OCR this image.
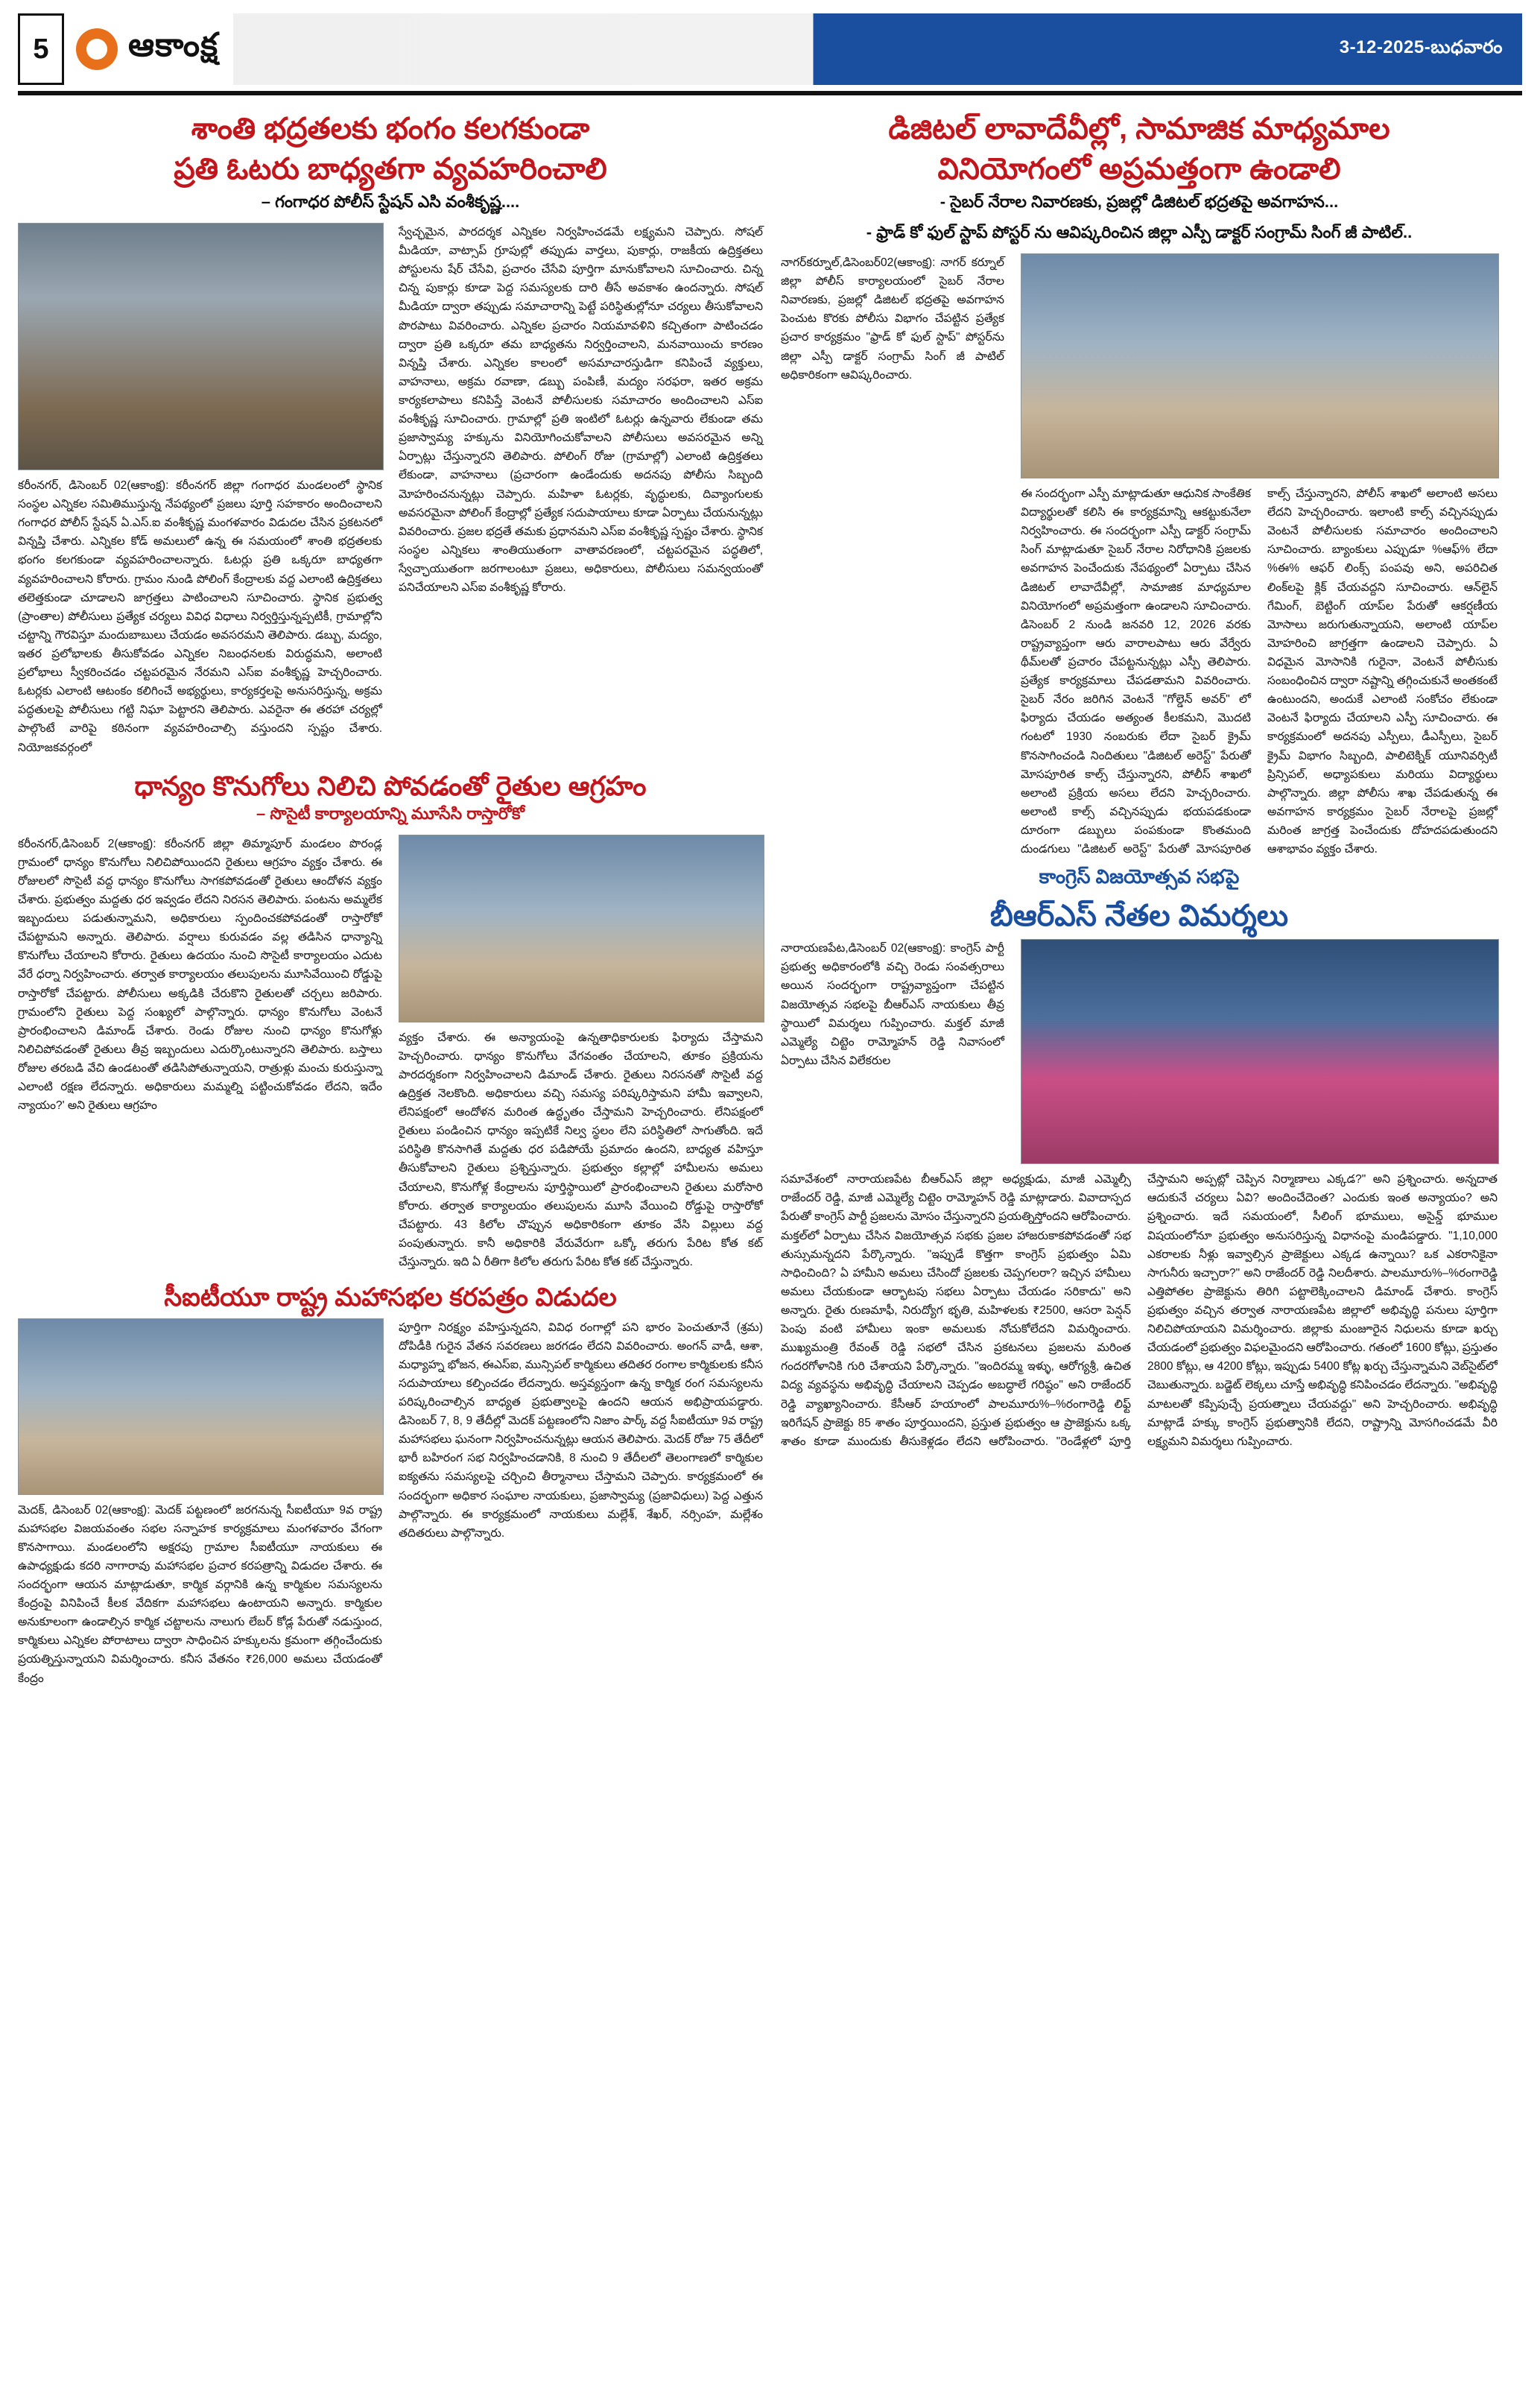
5	ఆకాంక్ష	3-12-2025-బుధవారం
శాంతి భద్రతలకు భంగం కలగకుండా
ప్రతి ఓటరు బాధ్యతగా వ్యవహరించాలి
– గంగాధర పోలీస్ స్టేషన్ ఎసి వంశీకృష్ణ....

కరీంనగర్, డిసెంబర్ 02(ఆకాంక్ష): కరీంనగర్ జిల్లా గంగాధర మండలంలో స్థానిక సంస్థల ఎన్నికల సమితిముస్తున్న నేపథ్యంలో ప్రజలు పూర్తి సహకారం అందించాలని గంగాధర పోలీస్ స్టేషన్ ఏ.ఎస్.ఐ వంశీకృష్ణ మంగళవారం విడుదల చేసిన ప్రకటనలో విన్నప్తి చేశారు. ఎన్నికల కోడ్ అమలులో ఉన్న ఈ సమయంలో శాంతి భద్రతలకు భంగం కలగకుండా వ్యవహరించాలన్నారు. ఓటర్లు ప్రతి ఒక్కరూ బాధ్యతగా వ్యవహరించాలని కోరారు. గ్రామం నుండి పోలింగ్ కేంద్రాలకు వద్ద ఎలాంటి ఉద్రిక్తతలు తలెత్తకుండా చూడాలని జాగ్రత్తలు పాటించాలని సూచించారు. స్థానిక ప్రభుత్వ (ప్రాంతాల) పోలీసులు ప్రత్యేక చర్యలు వివిధ విధాలు నిర్వర్తిస్తున్నప్పటికీ, గ్రామాల్లోని చట్టాన్ని గౌరవిస్తూ మందుబాబులు చేయడం అవసరమని తెలిపారు. డబ్బు, మద్యం, ఇతర ప్రలోభాలకు తీసుకోవడం ఎన్నికల నిబంధనలకు విరుద్ధమని, అలాంటి ప్రలోభాలు స్వీకరించడం చట్టపరమైన నేరమని ఎస్ఐ వంశీకృష్ణ హెచ్చరించారు. ఓటర్లకు ఎలాంటి ఆటంకం కలిగించే అభ్యర్థులు, కార్యకర్తలపై అనుసరిస్తున్న, అక్రమ పద్ధతులపై పోలీసులు గట్టి నిఘా పెట్టారని తెలిపారు. ఎవరైనా ఈ తరహా చర్యల్లో పాల్గొంటే వారిపై కఠినంగా వ్యవహరించాల్సి వస్తుందని స్పష్టం చేశారు. నియోజకవర్గంలో

స్వేచ్ఛమైన, పారదర్శక ఎన్నికల నిర్వహించడమే లక్ష్యమని చెప్పారు. సోషల్ మీడియా, వాట్సాప్ గ్రూపుల్లో తప్పుడు వార్తలు, పుకార్లు, రాజకీయ ఉద్రిక్తతలు పోస్టులను షేర్ చేసేవి, ప్రచారం చేసేవి పూర్తిగా మానుకోవాలని సూచించారు. చిన్న చిన్న పుకార్లు కూడా పెద్ద సమస్యలకు దారి తీసే అవకాశం ఉందన్నారు. సోషల్ మీడియా ద్వారా తప్పుడు సమాచారాన్ని పెట్టే పరిస్థితుల్లోనూ చర్యలు తీసుకోవాలని పొరపాటు వివరించారు. ఎన్నికల ప్రచారం నియమావళిని కచ్చితంగా పాటించడం ద్వారా ప్రతి ఒక్కరూ తమ బాధ్యతను నిర్వర్తించాలని, మనవాయించు కారణం విన్నప్తి చేశారు. ఎన్నికల కాలంలో అసమాచారస్తుడిగా కనిపించే వ్యక్తులు, వాహనాలు, అక్రమ రవాణా, డబ్బు పంపిణీ, మద్యం సరఫరా, ఇతర అక్రమ కార్యకలాపాలు కనిపిస్తే వెంటనే పోలీసులకు సమాచారం అందించాలని ఎస్ఐ వంశీకృష్ణ సూచించారు. గ్రామాల్లో ప్రతి ఇంటిలో ఓటర్లు ఉన్నవారు లేకుండా తమ ప్రజాస్వామ్య హక్కును వినియోగించుకోవాలని పోలీసులు అవసరమైన అన్ని ఏర్పాట్లు చేస్తున్నారని తెలిపారు. పోలింగ్ రోజు (గ్రామాల్లో) ఎలాంటి ఉద్రిక్తతలు లేకుండా, వాహనాలు (ప్రచారంగా ఉండేందుకు అదనపు పోలీసు సిబ్బంది మోహరించనున్నట్లు చెప్పారు. మహిళా ఓటర్లకు, వృద్ధులకు, దివ్యాంగులకు అవసరమైనా పోలింగ్ కేంద్రాల్లో ప్రత్యేక సదుపాయాలు కూడా ఏర్పాటు చేయనున్నట్లు వివరించారు. ప్రజల భద్రతే తమకు ప్రధానమని ఎస్ఐ వంశీకృష్ణ స్పష్టం చేశారు. స్థానిక సంస్థల ఎన్నికలు శాంతియుతంగా వాతావరణంలో, చట్టపరమైన పద్ధతిలో, స్వేచ్ఛాయుతంగా జరగాలంటూ ప్రజలు, అధికారులు, పోలీసులు సమన్వయంతో పనిచేయాలని ఎస్ఐ వంశీకృష్ణ కోరారు.

ధాన్యం కొనుగోలు నిలిచి పోవడంతో రైతుల ఆగ్రహం
– సొసైటీ కార్యాలయాన్ని మూసేసి రాస్తారోకో

కరీంనగర్,డిసెంబర్ 2(ఆకాంక్ష): కరీంనగర్ జిల్లా తిమ్మాపూర్ మండలం పొరండ్ల గ్రామంలో ధాన్యం కొనుగోలు నిలిచిపోయిందని రైతులు ఆగ్రహం వ్యక్తం చేశారు. ఈ రోజులలో సొసైటీ వద్ద ధాన్యం కొనుగోలు సాగకపోవడంతో రైతులు ఆందోళన వ్యక్తం చేశారు. ప్రభుత్వం మద్దతు ధర ఇవ్వడం లేదని నిరసన తెలిపారు. పంటను అమ్మలేక ఇబ్బందులు పడుతున్నామని, అధికారులు స్పందించకపోవడంతో రాస్తారోకో చేపట్టామని అన్నారు. తెలిపారు. వర్షాలు కురువడం వల్ల తడిసిన ధాన్యాన్ని కొనుగోలు చేయాలని కోరారు. రైతులు ఉదయం నుంచి సొసైటీ కార్యాలయం ఎదుట వేరే ధర్నా నిర్వహించారు. తర్వాత కార్యాలయం తలుపులను మూసివేయించి రోడ్డుపై రాస్తారోకో చేపట్టారు. పోలీసులు అక్కడికి చేరుకొని రైతులతో చర్చలు జరిపారు. గ్రామంలోని రైతులు పెద్ద సంఖ్యలో పాల్గొన్నారు. ధాన్యం కొనుగోలు వెంటనే ప్రారంభించాలని డిమాండ్ చేశారు. రెండు రోజుల నుంచి ధాన్యం కొనుగోళ్లు నిలిచిపోవడంతో రైతులు తీవ్ర ఇబ్బందులు ఎదుర్కొంటున్నారని తెలిపారు. బస్తాలు రోజుల తరబడి వేచి ఉండటంతో తడిసిపోతున్నాయని, రాత్రుళ్లు మంచు కురుస్తున్నా ఎలాంటి రక్షణ లేదన్నారు. అధికారులు మమ్మల్ని పట్టించుకోవడం లేదని, ఇదేం న్యాయం?' అని రైతులు ఆగ్రహం

వ్యక్తం చేశారు. ఈ అన్యాయంపై ఉన్నతాధికారులకు ఫిర్యాదు చేస్తామని హెచ్చరించారు. ధాన్యం కొనుగోలు వేగవంతం చేయాలని, తూకం ప్రక్రియను పారదర్శకంగా నిర్వహించాలని డిమాండ్ చేశారు. రైతులు నిరసనతో సొసైటీ వద్ద ఉద్రిక్తత నెలకొంది. అధికారులు వచ్చి సమస్య పరిష్కరిస్తామని హామీ ఇవ్వాలని, లేనిపక్షంలో ఆందోళన మరింత ఉద్ధృతం చేస్తామని హెచ్చరించారు. లేనిపక్షంలో రైతులు పండించిన ధాన్యం ఇప్పటికే నిల్వ స్థలం లేని పరిస్థితిలో సాగుతోంది. ఇదే పరిస్థితి కొనసాగితే మద్దతు ధర పడిపోయే ప్రమాదం ఉందని, బాధ్యత వహిస్తూ తీసుకోవాలని రైతులు ప్రశ్నిస్తున్నారు. ప్రభుత్వం కల్లాల్లో హామీలను అమలు చేయాలని, కొనుగోళ్ల కేంద్రాలను పూర్తిస్థాయిలో ప్రారంభించాలని రైతులు మరోసారి కోరారు. తర్వాత కార్యాలయం తలుపులను మూసి వేయించి రోడ్డుపై రాస్తారోకో చేపట్టారు. 43 కిలోల చొప్పున అధికారికంగా తూకం వేసి విల్లులు వద్ద పంపుతున్నారు. కానీ అధికారికి వేరువేరుగా ఒక్కో తరుగు పేరిట కోత కట్ చేస్తున్నారు. ఇది ఏ రీతిగా కిలోల తరుగు పేరిట కోత కట్ చేస్తున్నారు.

సీఐటీయూ రాష్ట్ర మహాసభల కరపత్రం విడుదల

మెదక్, డిసెంబర్ 02(ఆకాంక్ష): మెదక్ పట్టణంలో జరగనున్న సీఐటీయూ 9వ రాష్ట్ర మహాసభల విజయవంతం సభల సన్నాహక కార్యక్రమాలు మంగళవారం వేగంగా కొనసాగాయి. మండలంలోని అక్షరపు గ్రామాల సీఐటీయూ నాయకులు ఈ ఉపాధ్యక్షుడు కదరి నాగారావు మహాసభల ప్రచార కరపత్రాన్ని విడుదల చేశారు. ఈ సందర్భంగా ఆయన మాట్లాడుతూ, కార్మిక వర్గానికి ఉన్న కార్మికుల సమస్యలను కేంద్రంపై వినిపించే కీలక వేదికగా మహాసభలు ఉంటాయని అన్నారు. కార్మికుల అనుకూలంగా ఉండాల్సిన కార్మిక చట్టాలను నాలుగు లేబర్ కోడ్ల పేరుతో నడుస్తుంద, కార్మికులు ఎన్నికల పోరాటాలు ద్వారా సాధించిన హక్కులను క్రమంగా తగ్గించేందుకు ప్రయత్నిస్తున్నాయని విమర్శించారు. కనీస వేతనం ₹26,000 అమలు చేయడంతో కేంద్రం

పూర్తిగా నిరక్ష్యం వహిస్తున్నదని, వివిధ రంగాల్లో పని భారం పెంచుతూనే (శ్రమ) దోపిడీకి గురైన వేతన సవరణలు జరగడం లేదని వివరించారు. అంగన్ వాడీ, ఆశా, మధ్యాహ్న భోజన, ఈఎస్ఐ, మున్సిపల్ కార్మికులు తదితర రంగాల కార్మికులకు కనీస సదుపాయాలు కల్పించడం లేదన్నారు. అస్తవ్యస్తంగా ఉన్న కార్మిక రంగ సమస్యలను పరిష్కరించాల్సిన బాధ్యత ప్రభుత్వాలపై ఉందని ఆయన అభిప్రాయపడ్డారు. డిసెంబర్ 7, 8, 9 తేదీల్లో మెదక్ పట్టణంలోని నిజాం పార్క్ వద్ద సీఐటీయూ 9వ రాష్ట్ర మహాసభలు ఘనంగా నిర్వహించనున్నట్లు ఆయన తెలిపారు. మెదక్ రోజు 75 తేదీలో భారీ బహిరంగ సభ నిర్వహించడానికి, 8 నుంచి 9 తేదీలలో తెలంగాణలో కార్మికుల ఐక్యతను సమస్యలపై చర్చించి తీర్మానాలు చేస్తామని చెప్పారు. కార్యక్రమంలో ఈ సందర్భంగా అధికార సంఘాల నాయకులు, ప్రజాస్వామ్య (ప్రజావిధులు) పెద్ద ఎత్తున పాల్గొన్నారు. ఈ కార్యక్రమంలో నాయకులు మల్లేశ్, శేఖర్, నర్సింహ, మల్లేశం తదితరులు పాల్గొన్నారు.

డిజిటల్ లావాదేవీల్లో, సామాజిక మాధ్యమాల
వినియోగంలో అప్రమత్తంగా ఉండాలి
- సైబర్ నేరాల నివారణకు, ప్రజల్లో డిజిటల్ భద్రతపై అవగాహన...
- ఫ్రాడ్ కో ఫుల్ స్టాప్ పోస్టర్ ను ఆవిష్కరించిన జిల్లా ఎస్పీ డాక్టర్ సంగ్రామ్ సింగ్ జీ పాటిల్..

నాగర్‌కర్నూల్,డిసెంబర్02(ఆకాంక్ష): నాగర్ కర్నూల్ జిల్లా పోలీస్ కార్యాలయంలో సైబర్ నేరాల నివారణకు, ప్రజల్లో డిజిటల్ భద్రతపై అవగాహన పెంచుట కొరకు పోలీసు విభాగం చేపట్టిన ప్రత్యేక ప్రచార కార్యక్రమం "ఫ్రాడ్ కో ఫుల్ స్టాప్" పోస్టర్‌ను జిల్లా ఎస్పీ డాక్టర్ సంగ్రామ్ సింగ్ జీ పాటిల్ అధికారికంగా ఆవిష్కరించారు.

ఈ సందర్భంగా ఎస్పీ మాట్లాడుతూ ఆధునిక సాంకేతిక విద్యార్థులతో కలిసి ఈ కార్యక్రమాన్ని ఆకట్టుకునేలా నిర్వహించారు. ఈ సందర్భంగా ఎస్పీ డాక్టర్ సంగ్రామ్ సింగ్ మాట్లాడుతూ సైబర్ నేరాల నిరోధానికి ప్రజలకు అవగాహన పెంచేందుకు నేపథ్యంలో ఏర్పాటు చేసిన డిజిటల్ లావాదేవీల్లో, సామాజిక మాధ్యమాల వినియోగంలో అప్రమత్తంగా ఉండాలని సూచించారు. డిసెంబర్ 2 నుండి జనవరి 12, 2026 వరకు రాష్ట్రవ్యాప్తంగా ఆరు వారాలపాటు ఆరు వేర్వేరు థీమ్‌లతో ప్రచారం చేపట్టనున్నట్లు ఎస్పీ తెలిపారు. ప్రత్యేక కార్యక్రమాలు చేపడతామని వివరించారు. సైబర్ నేరం జరిగిన వెంటనే "గోల్డెన్ అవర్" లో ఫిర్యాదు చేయడం అత్యంత కీలకమని, మెుదటి గంటలో 1930 నంబరుకు లేదా సైబర్ క్రైమ్ కొనసాగించండి నిందితులు "డిజిటల్ అరెస్ట్" పేరుతో మోసపూరిత కాల్స్ చేస్తున్నారని, పోలీస్ శాఖలో అలాంటి ప్రక్రియ అసలు లేదని హెచ్చరించారు. అలాంటి కాల్స్ వచ్చినప్పుడు భయపడకుండా దూరంగా డబ్బులు పంపకుండా కొంతమంది దుండగులు "డిజిటల్ అరెస్ట్" పేరుతో మోసపూరిత కాల్స్ చేస్తున్నారని, పోలీస్ శాఖలో అలాంటి అసలు లేదని హెచ్చరించారు. ఇలాంటి కాల్స్ వచ్చినప్పుడు వెంటనే పోలీసులకు సమాచారం అందించాలని సూచించారు. బ్యాంకులు ఎప్పుడూ %ఆఫ్% లేదా %ఈ% ఆఫర్ లింక్స్ పంపవు అని, అపరిచిత లింక్‌లపై క్లిక్ చేయవద్దని సూచించారు. ఆన్‌లైన్ గేమింగ్, బెట్టింగ్ యాప్‌ల పేరుతో ఆకర్షణీయ మోసాలు జరుగుతున్నాయని, అలాంటి యాప్‌ల మోహరించి జాగ్రత్తగా ఉండాలని చెప్పారు. ఏ విధమైన మోసానికి గురైనా, వెంటనే పోలీసుకు సంబంధించిన ద్వారా నష్టాన్ని తగ్గించుకునే అంతకంటే ఉంటుందని, అందుకే ఎలాంటి సంకోచం లేకుండా వెంటనే ఫిర్యాదు చేయాలని ఎస్పీ సూచించారు. ఈ కార్యక్రమంలో అదనపు ఎస్పీలు, డీఎస్పీలు, సైబర్ క్రైమ్ విభాగం సిబ్బంది, పాలిటెక్నిక్ యూనివర్సిటీ ప్రిన్సిపల్, అధ్యాపకులు మరియు విద్యార్థులు పాల్గొన్నారు. జిల్లా పోలీసు శాఖ చేపడుతున్న ఈ అవగాహన కార్యక్రమం సైబర్ నేరాలపై ప్రజల్లో మరింత జాగ్రత్త పెంచేందుకు దోహదపడుతుందని ఆశాభావం వ్యక్తం చేశారు.

కాంగ్రెస్ విజయోత్సవ సభపై
బీఆర్ఎస్ నేతల విమర్శలు

నారాయణపేట,డిసెంబర్ 02(ఆకాంక్ష): కాంగ్రెస్ పార్టీ ప్రభుత్వ అధికారంలోకి వచ్చి రెండు సంవత్సరాలు అయిన సందర్భంగా రాష్ట్రవ్యాప్తంగా చేపట్టిన విజయోత్సవ సభలపై బీఆర్ఎస్ నాయకులు తీవ్ర స్థాయిలో విమర్శలు గుప్పించారు. మక్తల్ మాజీ ఎమ్మెల్యే చిట్టెం రామ్మోహన్ రెడ్డి నివాసంలో ఏర్పాటు చేసిన విలేకరుల

సమావేశంలో నారాయణపేట బీఆర్ఎస్ జిల్లా అధ్యక్షుడు, మాజీ ఎమ్మెల్సీ రాజేందర్ రెడ్డి, మాజీ ఎమ్మెల్యే చిట్టెం రామ్మోహన్ రెడ్డి మాట్లాడారు. వివాదాస్పద పేరుతో కాంగ్రెస్ పార్టీ ప్రజలను మోసం చేస్తున్నారని ప్రయత్నిస్తోందని ఆరోపించారు. మక్తల్‌లో ఏర్పాటు చేసిన విజయోత్సవ సభకు ప్రజల హాజరుకాకపోవడంతో సభ తుస్సుమన్నదని పేర్కొన్నారు. "ఇప్పుడే కొత్తగా కాంగ్రెస్ ప్రభుత్వం ఏమి సాధించింది? ఏ హామీని అమలు చేసిందో ప్రజలకు చెప్పగలరా? ఇచ్చిన హామీలు అమలు చేయకుండా ఆర్భాటపు సభలు ఏర్పాటు చేయడం సరికాదు" అని అన్నారు. రైతు రుణమాఫీ, నిరుద్యోగ భృతి, మహిళలకు ₹2500, ఆసరా పెన్షన్ పెంపు వంటి హామీలు ఇంకా అమలుకు నోచుకోలేదని విమర్శించారు. ముఖ్యమంత్రి రేవంత్ రెడ్డి సభలో చేసిన ప్రకటనలు ప్రజలను మరింత గందరగోళానికి గురి చేశాయని పేర్కొన్నారు. "ఇందిరమ్మ ఇళ్ళు, ఆరోగ్యశ్రీ, ఉచిత విద్య వ్యవస్థను అభివృద్ధి చేయాలని చెప్పడం అబద్ధాలే గరిష్ఠం" అని రాజేందర్ రెడ్డి వ్యాఖ్యానించారు. కేసీఆర్ హయాంలో పాలమూరు%–%రంగారెడ్డి లిఫ్ట్ ఇరిగేషన్ ప్రాజెక్టు 85 శాతం పూర్తయిందని, ప్రస్తుత ప్రభుత్వం ఆ ప్రాజెక్టును ఒక్క శాతం కూడా ముందుకు తీసుకెళ్లడం లేదని ఆరోపించారు. "రెండేళ్లలో పూర్తి చేస్తామని అప్పట్లో చెప్పిన నిర్మాణాలు ఎక్కడ?" అని ప్రశ్నించారు. అన్నదాత ఆదుకునే చర్యలు ఏవి? అందించేదెంత? ఎందుకు ఇంత అన్యాయం? అని ప్రశ్నించారు. ఇదే సమయంలో, సీలింగ్ భూములు, అసైన్డ్ భూముల విషయంలోనూ ప్రభుత్వం అనుసరిస్తున్న విధానంపై మండిపడ్డారు. "1,10,000 ఎకరాలకు నీళ్లు ఇవ్వాల్సిన ప్రాజెక్టులు ఎక్కడ ఉన్నాయి? ఒక ఎకరానికైనా సాగునీరు ఇచ్చారా?" అని రాజేందర్ రెడ్డి నిలదీశారు. పాలమూరు%–%రంగారెడ్డి ఎత్తిపోతల ప్రాజెక్టును తిరిగి పట్టాలెక్కించాలని డిమాండ్ చేశారు. కాంగ్రెస్ ప్రభుత్వం వచ్చిన తర్వాత నారాయణపేట జిల్లాలో అభివృద్ధి పనులు పూర్తిగా నిలిచిపోయాయని విమర్శించారు. జిల్లాకు మంజూరైన నిధులను కూడా ఖర్చు చేయడంలో ప్రభుత్వం విఫలమైందని ఆరోపించారు. గతంలో 1600 కోట్లు, ప్రస్తుతం 2800 కోట్లు, ఆ 4200 కోట్లు, ఇప్పుడు 5400 కోట్ల ఖర్చు చేస్తున్నామని వెబ్‌సైట్‌లో చెబుతున్నారు. బడ్జెట్ లెక్కలు చూస్తే అభివృద్ధి కనిపించడం లేదన్నారు. "అభివృద్ధి మాటలతో కప్పిపుచ్చే ప్రయత్నాలు చేయవద్దు" అని హెచ్చరించారు. అభివృద్ధి మాట్లాడే హక్కు కాంగ్రెస్ ప్రభుత్వానికి లేదని, రాష్ట్రాన్ని మోసగించడమే వీరి లక్ష్యమని విమర్శలు గుప్పించారు.
